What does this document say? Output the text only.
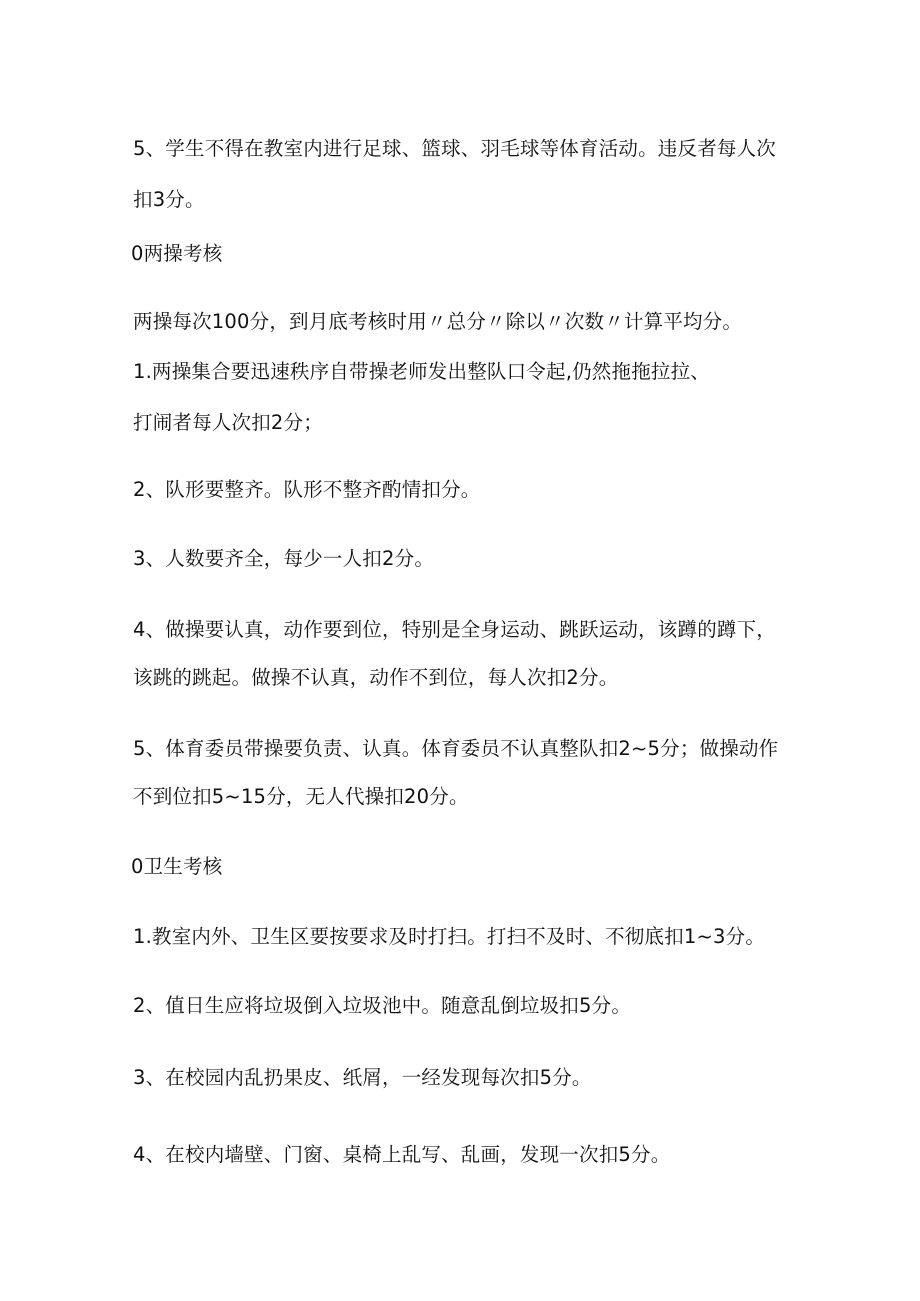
5、学生不得在教室内进行足球、篮球、羽毛球等体育活动。违反者每人次
扣3分。
0两操考核
两操每次100分，到月底考核时用〃总分〃除以〃次数〃计算平均分。
1.两操集合要迅速秩序自带操老师发出整队口令起,仍然拖拖拉拉、
打闹者每人次扣2分；
2、队形要整齐。队形不整齐酌情扣分。
3、人数要齐全，每少一人扣2分。
4、做操要认真，动作要到位，特别是全身运动、跳跃运动，该蹲的蹲下，
该跳的跳起。做操不认真，动作不到位，每人次扣2分。
5、体育委员带操要负责、认真。体育委员不认真整队扣2~5分；做操动作
不到位扣5~15分，无人代操扣20分。
0卫生考核
1.教室内外、卫生区要按要求及时打扫。打扫不及时、不彻底扣1~3分。
2、值日生应将垃圾倒入垃圾池中。随意乱倒垃圾扣5分。
3、在校园内乱扔果皮、纸屑，一经发现每次扣5分。
4、在校内墙壁、门窗、桌椅上乱写、乱画，发现一次扣5分。
